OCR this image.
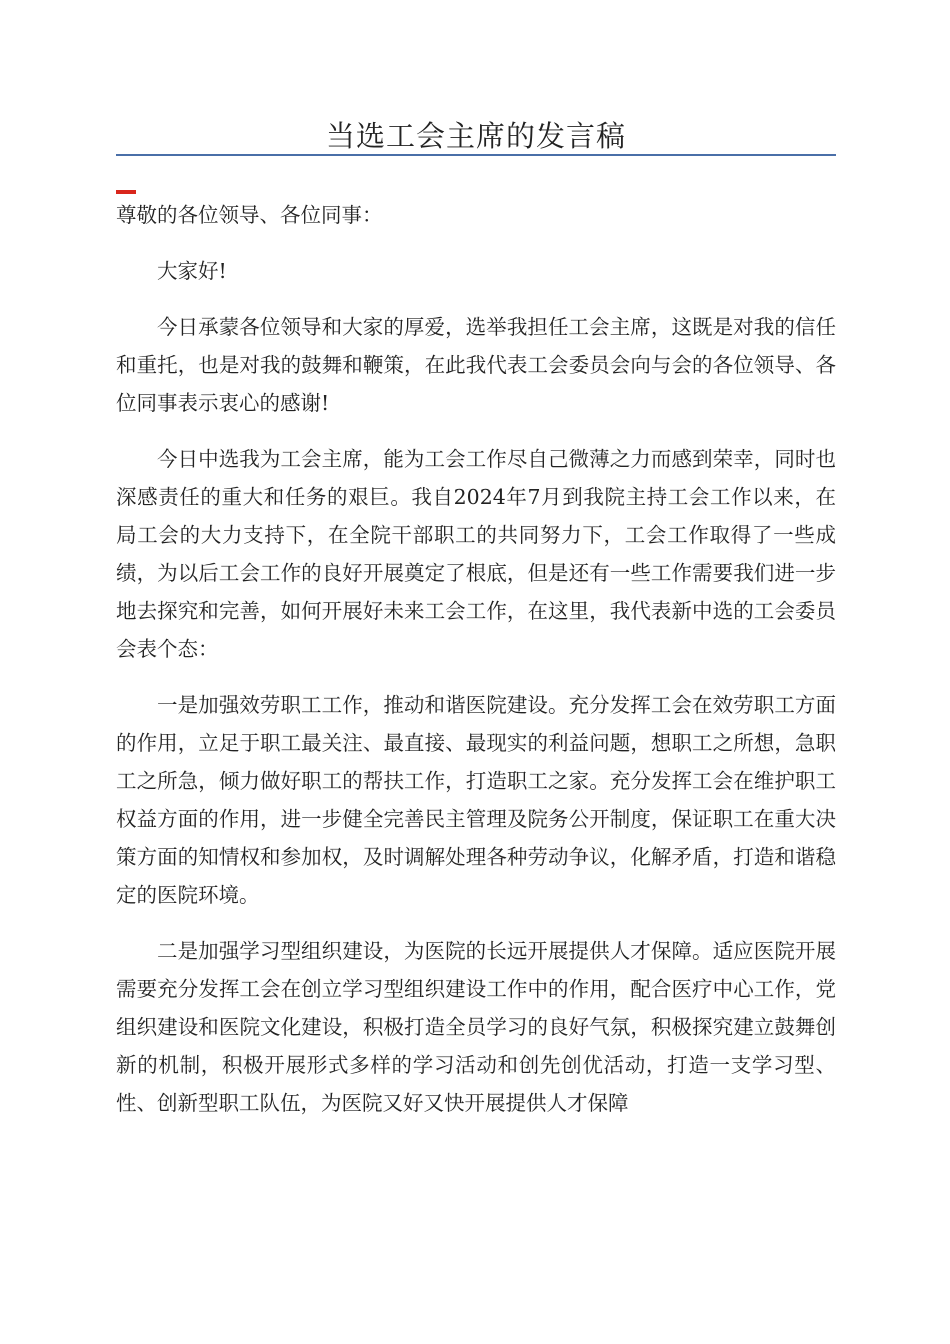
当选工会主席的发言稿

尊敬的各位领导、各位同事：

大家好!

今日承蒙各位领导和大家的厚爱，选举我担任工会主席，这既是对我的信任和重托，也是对我的鼓舞和鞭策，在此我代表工会委员会向与会的各位领导、各位同事表示衷心的感谢!

今日中选我为工会主席，能为工会工作尽自己微薄之力而感到荣幸，同时也深感责任的重大和任务的艰巨。我自2024年7月到我院主持工会工作以来，在局工会的大力支持下，在全院干部职工的共同努力下，工会工作取得了一些成绩，为以后工会工作的良好开展奠定了根底，但是还有一些工作需要我们进一步地去探究和完善，如何开展好未来工会工作，在这里，我代表新中选的工会委员会表个态：

一是加强效劳职工工作，推动和谐医院建设。充分发挥工会在效劳职工方面的作用，立足于职工最关注、最直接、最现实的利益问题，想职工之所想，急职工之所急，倾力做好职工的帮扶工作，打造职工之家。充分发挥工会在维护职工权益方面的作用，进一步健全完善民主管理及院务公开制度，保证职工在重大决策方面的知情权和参加权，及时调解处理各种劳动争议，化解矛盾，打造和谐稳定的医院环境。

二是加强学习型组织建设，为医院的长远开展提供人才保障。适应医院开展需要充分发挥工会在创立学习型组织建设工作中的作用，配合医疗中心工作，党组织建设和医院文化建设，积极打造全员学习的良好气氛，积极探究建立鼓舞创新的机制，积极开展形式多样的学习活动和创先创优活动，打造一支学习型、性、创新型职工队伍，为医院又好又快开展提供人才保障
